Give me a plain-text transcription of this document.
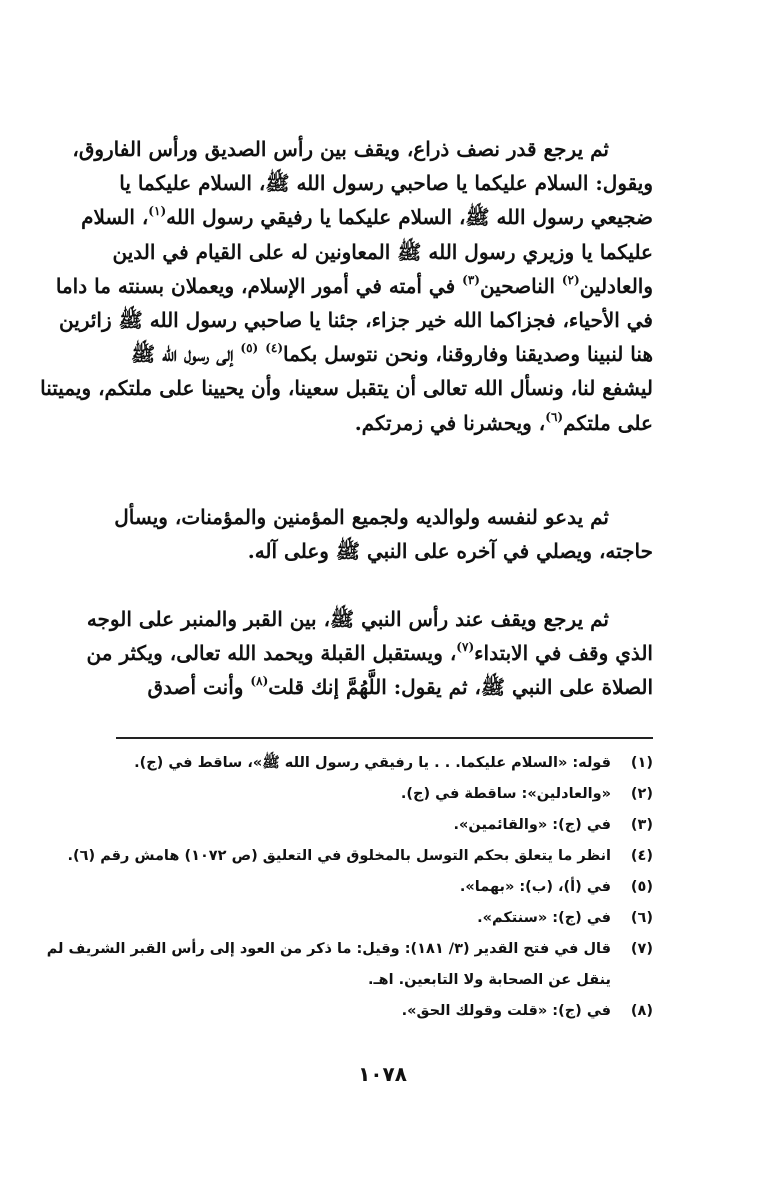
ثم يرجع قدر نصف ذراع، ويقف بين رأس الصديق ورأس الفاروق،
ويقول: السلام عليكما يا صاحبي رسول الله ﷺ، السلام عليكما يا
ضجيعي رسول الله ﷺ، السلام عليكما يا رفيقي رسول الله$^{(١)}$، السلام
عليكما يا وزيري رسول الله ﷺ المعاونين له على القيام في الدين
والعادلين$^{(٢)}$ الناصحين$^{(٣)}$ في أمته في أمور الإسلام، ويعملان بسنته ما داما
في الأحياء، فجزاكما الله خير جزاء، جئنا يا صاحبي رسول الله ﷺ زائرين
هنا لنبينا وصديقنا وفاروقنا، ونحن نتوسل بكما$^{(٤)}$ $^{(٥)}$ إلى رسول الله ﷺ
ليشفع لنا، ونسأل الله تعالى أن يتقبل سعينا، وأن يحيينا على ملتكم، ويميتنا
على ملتكم$^{(٦)}$، ويحشرنا في زمرتكم.
ثم يدعو لنفسه ولوالديه ولجميع المؤمنين والمؤمنات، ويسأل
حاجته، ويصلي في آخره على النبي ﷺ وعلى آله.
ثم يرجع ويقف عند رأس النبي ﷺ، بين القبر والمنبر على الوجه
الذي وقف في الابتداء$^{(٧)}$، ويستقبل القبلة ويحمد الله تعالى، ويكثر من
الصلاة على النبي ﷺ، ثم يقول: اللَّهُمَّ إنك قلت$^{(٨)}$ وأنت أصدق
(١)
قوله: «السلام عليكما. . . يا رفيقي رسول الله ﷺ»، ساقط في (ج).
(٢)
«والعادلين»: ساقطة في (ج).
(٣)
في (ج): «والقائمين».
(٤)
انظر ما يتعلق بحكم التوسل بالمخلوق في التعليق (ص ١٠٧٢) هامش رقم (٦).
(٥)
في (أ)، (ب): «بهما».
(٦)
في (ج): «سنتكم».
(٧)
قال في فتح القدير (٣/ ١٨١): وقيل: ما ذكر من العود إلى رأس القبر الشريف لم
ينقل عن الصحابة ولا التابعين. اهـ.
(٨)
في (ج): «قلت وقولك الحق».
١٠٧٨
